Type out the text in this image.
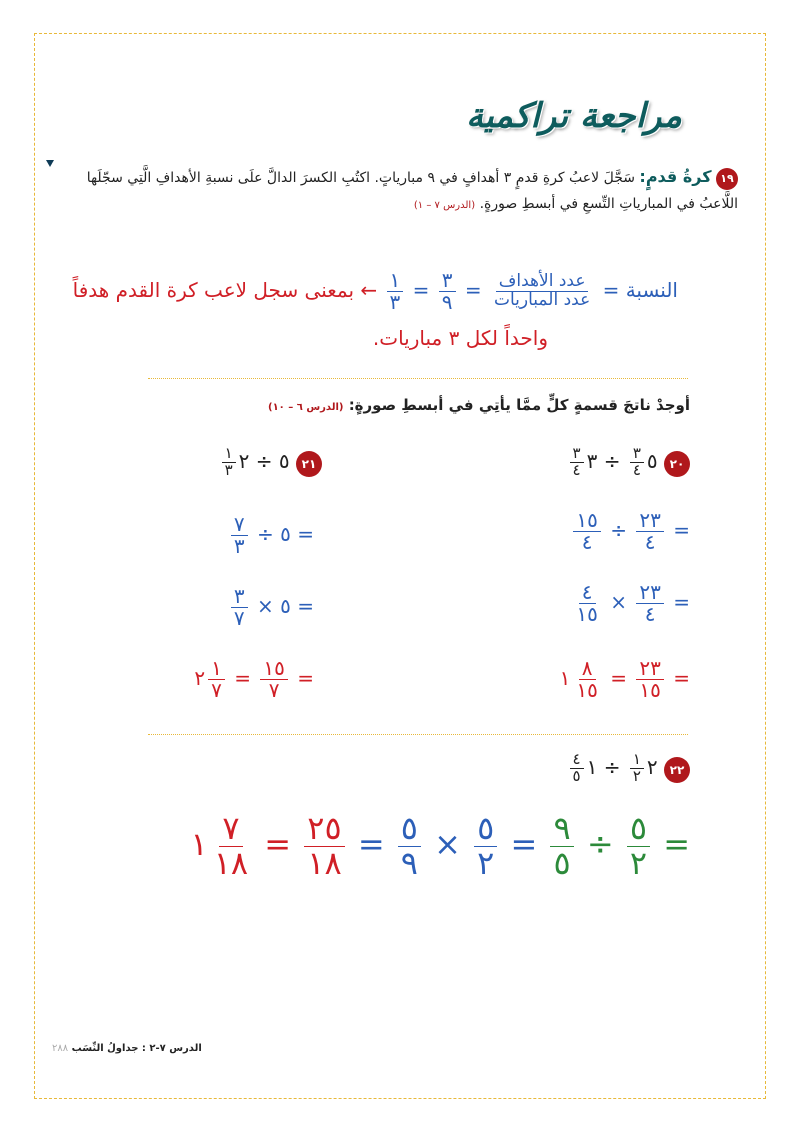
مراجعة تراكمية
١٩ كرةُ قدمٍ: سَجَّلَ لاعبُ كرةِ قدمٍ ٣ أهدافٍ في ٩ مبارياتٍ. اكتُبِ الكسرَ الدالَّ علَى نسبةِ الأهدافِ الَّتِي سجّلَها اللَّاعبُ في المبارياتِ التِّسعِ في أبسطِ صورةٍ. (الدرس ٧ – ١)
النسبة =
$\frac{\text{عدد الأهداف}}{\text{عدد المباريات}}$
=
$\frac{٣}{٩}$
=
$\frac{١}{٣}$
← بمعنى سجل لاعب كرة القدم هدفاً
واحداً لكل ٣ مباريات.
أوجدْ ناتجَ قسمةٍ كلٍّ ممَّا يأتِي في أبسطِ صورةٍ: (الدرس ٦ – ١٠)
٢٠ ٥
$\frac{٣}{٤}$
÷ ٣
$\frac{٣}{٤}$
٢١ ٥ ÷ ٢
$\frac{١}{٣}$
=
$\frac{٢٣}{٤}$
÷
$\frac{١٥}{٤}$
=
$\frac{٢٣}{٤}$
×
$\frac{٤}{١٥}$
=
$\frac{٢٣}{١٥}$
=
$\frac{٨}{١٥}$
١
= ٥ ÷
$\frac{٧}{٣}$
= ٥ ×
$\frac{٣}{٧}$
=
$\frac{١٥}{٧}$
=
$\frac{١}{٧}$
٢
٢٢ ٢
$\frac{١}{٢}$
÷ ١
$\frac{٤}{٥}$
=
$\frac{٥}{٢}$
÷
$\frac{٩}{٥}$
=
$\frac{٥}{٢}$
×
$\frac{٥}{٩}$
=
$\frac{٢٥}{١٨}$
=
$\frac{٧}{١٨}$
١
الدرس ٧-٢ : جداولُ النِّسَب ٢٨٨
